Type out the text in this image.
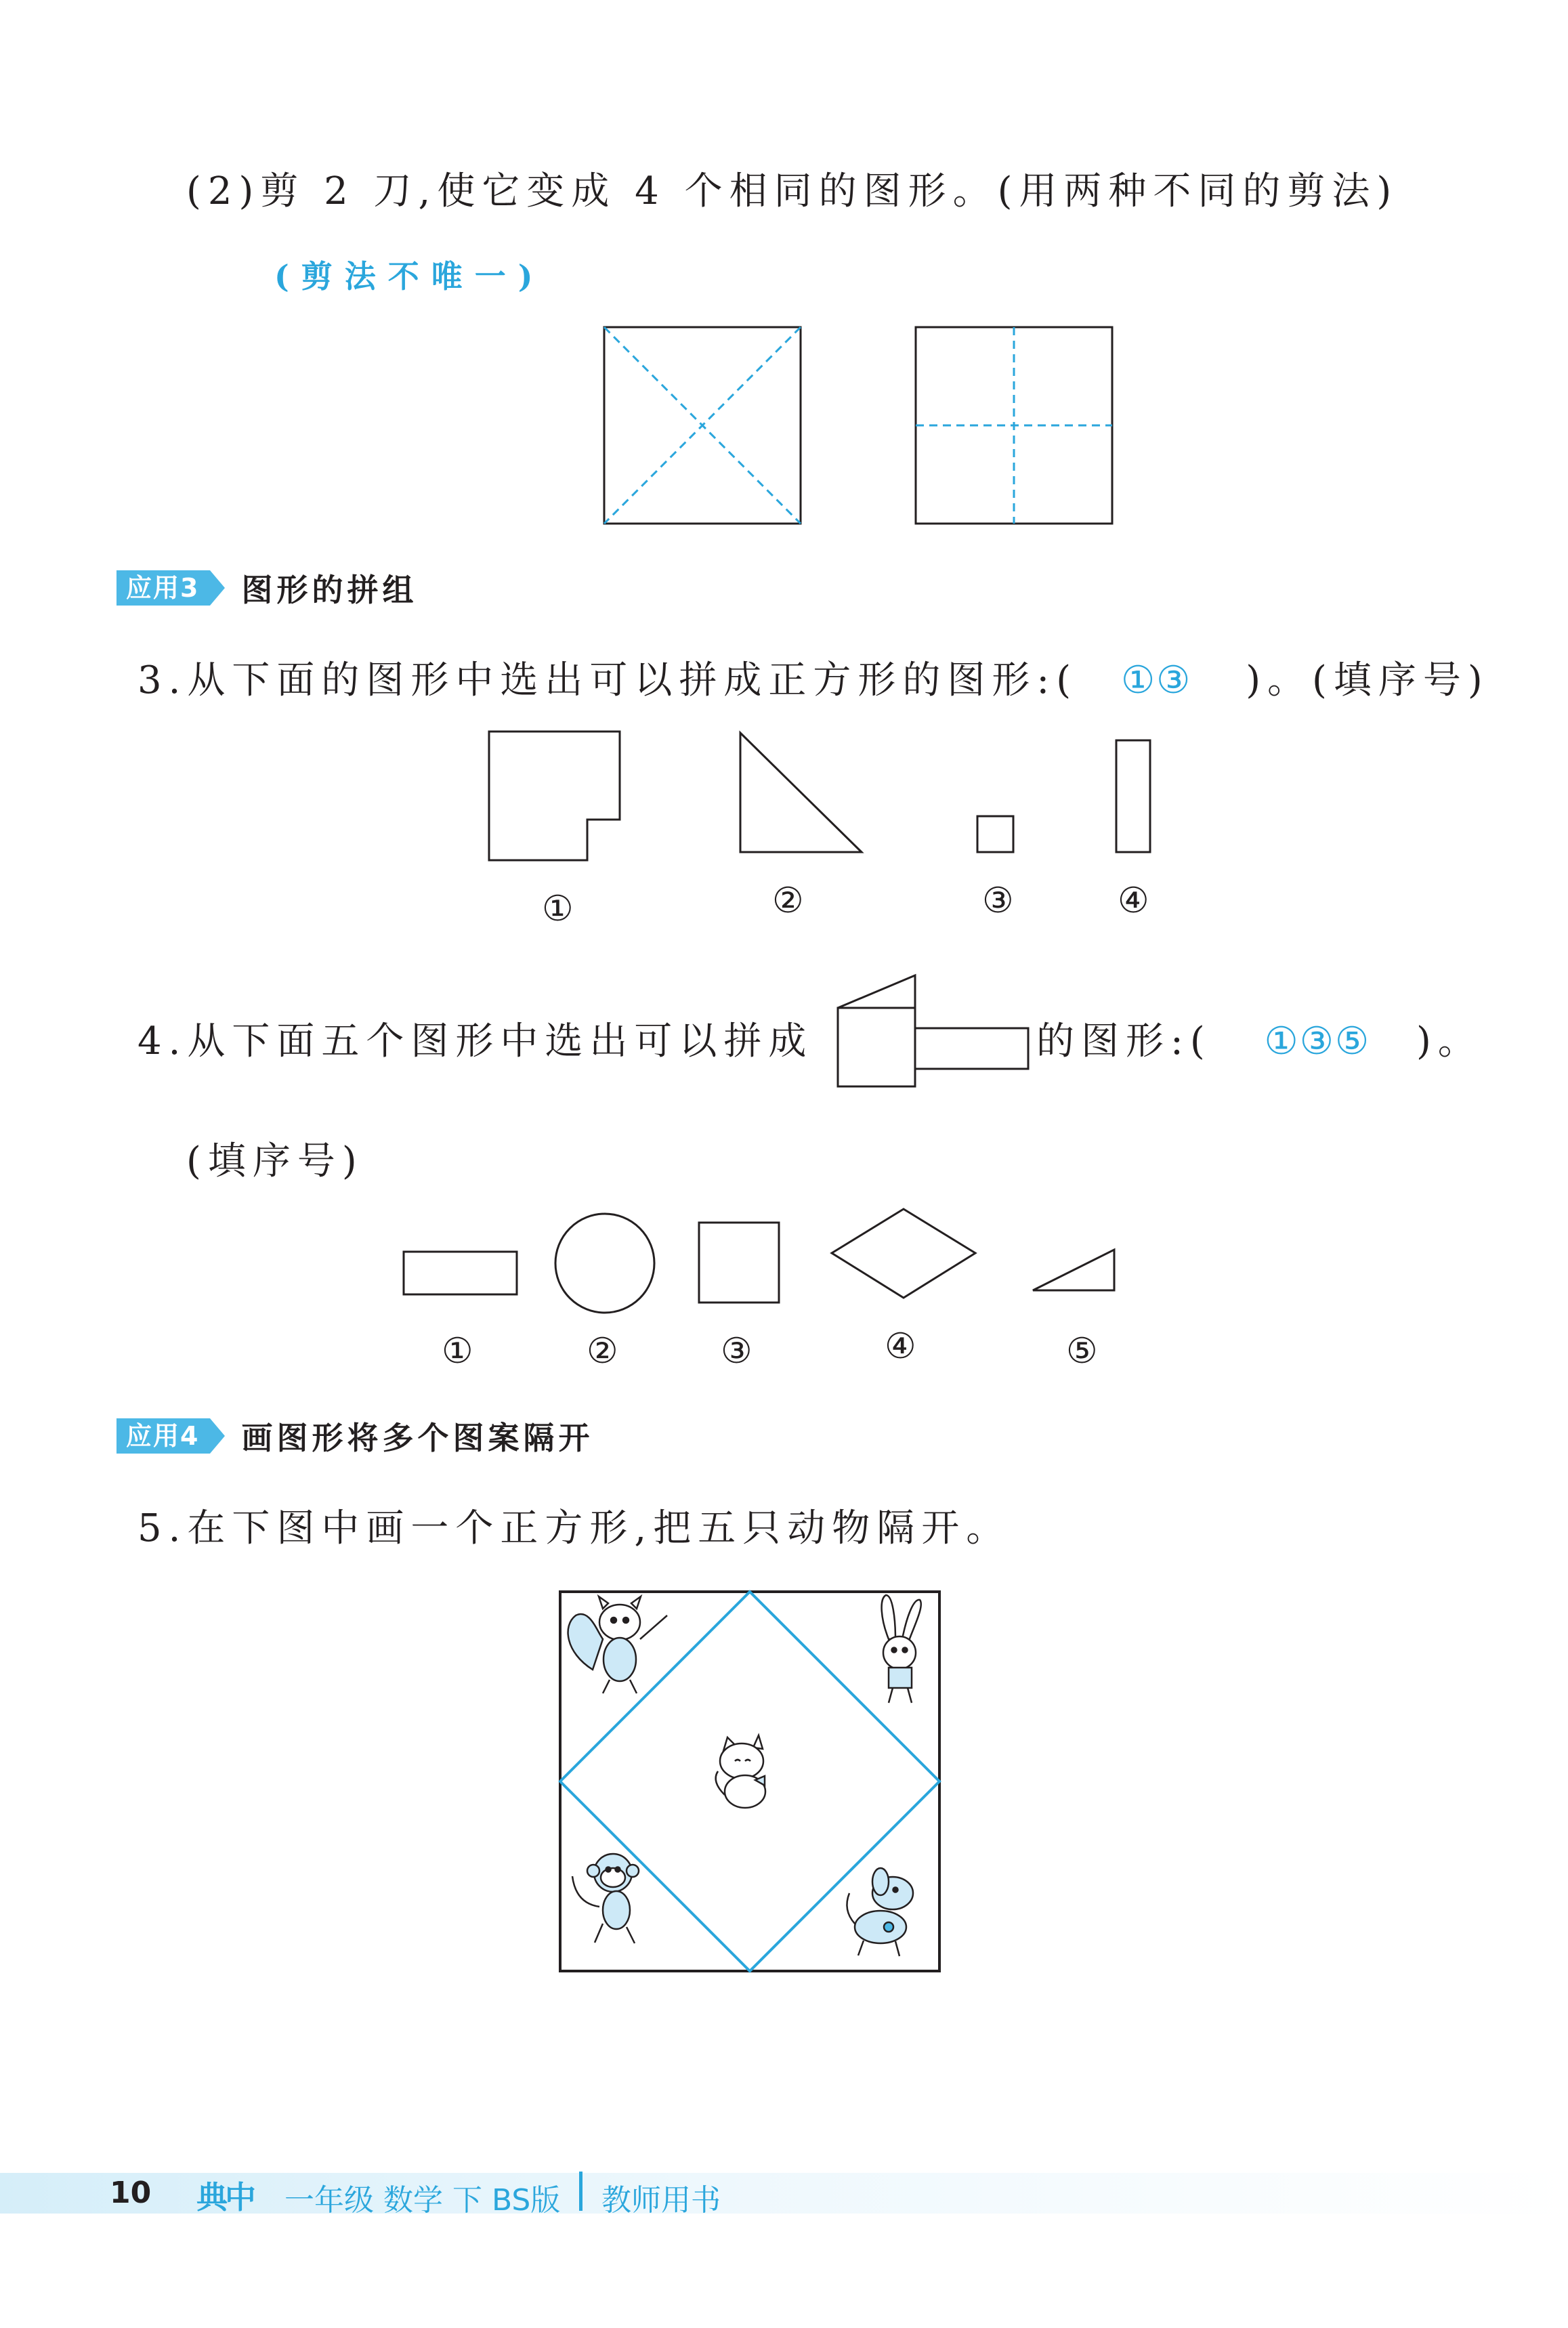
(2)剪 2 刀,使它变成 4 个相同的图形。(用两种不同的剪法)
(剪法不唯一)
应用3	图形的拼组
3.从下面的图形中选出可以拼成正方形的图形:( ①③ )。(填序号)
①	②	③	④
4.从下面五个图形中选出可以拼成	的图形:( ①③⑤ )。
(填序号)
①	②	③	④	⑤
应用4	画图形将多个图案隔开
5.在下图中画一个正方形,把五只动物隔开。
10 典中 一年级 数学 下 BS版 教师用书
